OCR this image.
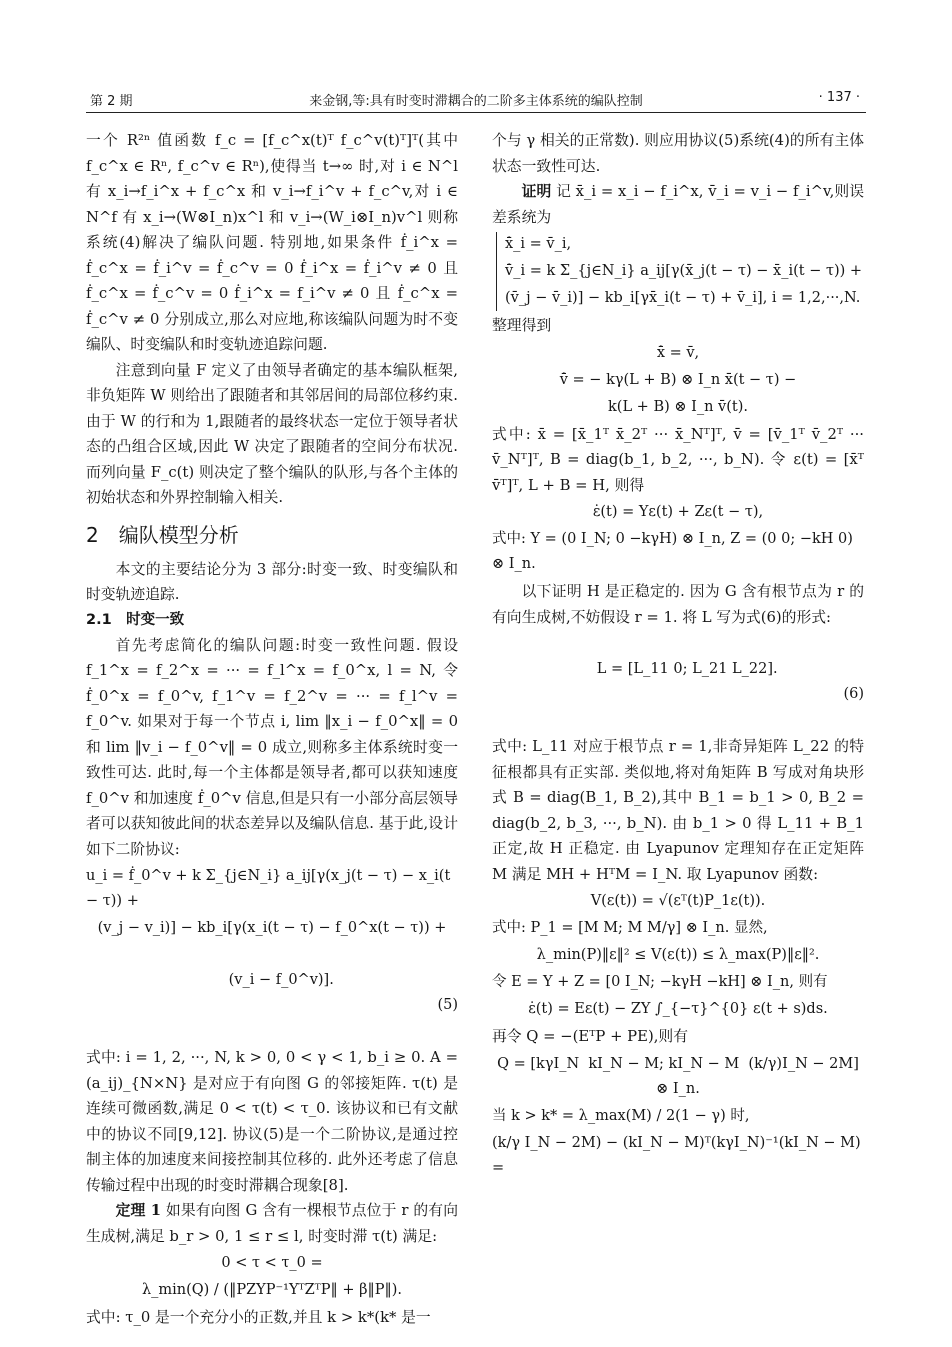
第 2 期	来金钢,等:具有时变时滞耦合的二阶多主体系统的编队控制	· 137 ·

一个 R²ⁿ 值函数 f_c = [f_c^x(t)ᵀ f_c^v(t)ᵀ]ᵀ(其中 f_c^x ∈ Rⁿ, f_c^v ∈ Rⁿ),使得当 t→∞ 时,对 i ∈ N^l 有 x_i→f_i^x + f_c^x 和 v_i→f_i^v + f_c^v,对 i ∈ N^f 有 x_i→(W⊗I_n)x^l 和 v_i→(W_i⊗I_n)v^l 则称系统(4)解决了编队问题. 特别地,如果条件 ḟ_i^x = ḟ_c^x = ḟ_i^v = ḟ_c^v = 0 ḟ_i^x = ḟ_i^v ≠ 0 且 ḟ_c^x = ḟ_c^v = 0 ḟ_i^x = f_i^v ≠ 0 且 ḟ_c^x = ḟ_c^v ≠ 0 分别成立,那么对应地,称该编队问题为时不变编队、时变编队和时变轨迹追踪问题.

注意到向量 F 定义了由领导者确定的基本编队框架,非负矩阵 W 则给出了跟随者和其邻居间的局部位移约束. 由于 W 的行和为 1,跟随者的最终状态一定位于领导者状态的凸组合区域,因此 W 决定了跟随者的空间分布状况. 而列向量 F_c(t) 则决定了整个编队的队形,与各个主体的初始状态和外界控制输入相关.

2　编队模型分析

本文的主要结论分为 3 部分:时变一致、时变编队和时变轨迹追踪.

2.1　时变一致

首先考虑简化的编队问题:时变一致性问题. 假设 f_1^x = f_2^x = ··· = f_l^x = f_0^x, l = N, 令 ḟ_0^x = f_0^v, f_1^v = f_2^v = ··· = f_l^v = f_0^v. 如果对于每一个节点 i, lim ‖x_i − f_0^x‖ = 0 和 lim ‖v_i − f_0^v‖ = 0 成立,则称多主体系统时变一致性可达. 此时,每一个主体都是领导者,都可以获知速度 f_0^v 和加速度 ḟ_0^v 信息,但是只有一小部分高层领导者可以获知彼此间的状态差异以及编队信息. 基于此,设计如下二阶协议:

u_i = ḟ_0^v + k Σ_{j∈N_i} a_ij[γ(x_j(t − τ) − x_i(t − τ)) +
(v_j − v_i)] − kb_i[γ(x_i(t − τ) − f_0^x(t − τ)) +

(v_i − f_0^v)].

(5)

式中: i = 1, 2, ···, N, k > 0, 0 < γ < 1, b_i ≥ 0. A = (a_ij)_{N×N} 是对应于有向图 G 的邻接矩阵. τ(t) 是连续可微函数,满足 0 < τ(t) < τ_0. 该协议和已有文献中的协议不同[9,12]. 协议(5)是一个二阶协议,是通过控制主体的加速度来间接控制其位移的. 此外还考虑了信息传输过程中出现的时变时滞耦合现象[8].

定理 1 如果有向图 G 含有一棵根节点位于 r 的有向生成树,满足 b_r > 0, 1 ≤ r ≤ l, 时变时滞 τ(t) 满足:

0 < τ < τ_0 =
λ_min(Q) / (‖PZYP⁻¹YᵀZᵀP‖ + β‖P‖).

式中: τ_0 是一个充分小的正数,并且 k > k*(k* 是一

个与 γ 相关的正常数). 则应用协议(5)系统(4)的所有主体状态一致性可达.

证明 记 x̄_i = x_i − f_i^x, v̄_i = v_i − f_i^v,则误差系统为

x̄̇_i = v̄_i,
v̄̇_i = k Σ_{j∈N_i} a_ij[γ(x̄_j(t − τ) − x̄_i(t − τ)) +
(v̄_j − v̄_i)] − kb_i[γx̄_i(t − τ) + v̄_i], i = 1,2,···,N.

整理得到

x̄̇ = v̄,
v̄̇ = − kγ(L + B) ⊗ I_n x̄(t − τ) −
k(L + B) ⊗ I_n v̄(t).

式中: x̄ = [x̄_1ᵀ x̄_2ᵀ ··· x̄_Nᵀ]ᵀ, v̄ = [v̄_1ᵀ v̄_2ᵀ ··· v̄_Nᵀ]ᵀ, B = diag(b_1, b_2, ···, b_N). 令 ε(t) = [x̄ᵀ v̄ᵀ]ᵀ, L + B = H, 则得

ε̇(t) = Yε(t) + Zε(t − τ),
式中: Y = (0 I_N; 0 −kγH) ⊗ I_n, Z = (0 0; −kH 0) ⊗ I_n.

以下证明 H 是正稳定的. 因为 G 含有根节点为 r 的有向生成树,不妨假设 r = 1. 将 L 写为式(6)的形式:

L = [L_11 0; L_21 L_22].

(6)

式中: L_11 对应于根节点 r = 1,非奇异矩阵 L_22 的特征根都具有正实部. 类似地,将对角矩阵 B 写成对角块形式 B = diag(B_1, B_2),其中 B_1 = b_1 > 0, B_2 = diag(b_2, b_3, ···, b_N). 由 b_1 > 0 得 L_11 + B_1 正定,故 H 正稳定. 由 Lyapunov 定理知存在正定矩阵 M 满足 MH + HᵀM = I_N. 取 Lyapunov 函数:

V(ε(t)) = √(εᵀ(t)P_1ε(t)).
式中: P_1 = [M M; M M/γ] ⊗ I_n. 显然,
λ_min(P)‖ε‖² ≤ V(ε(t)) ≤ λ_max(P)‖ε‖².
令 E = Y + Z = [0 I_N; −kγH −kH] ⊗ I_n, 则有
ε̇(t) = Eε(t) − ZY ∫_{−τ}^{0} ε(t + s)ds.

再令 Q = −(EᵀP + PE),则有

Q = [kγI_N  kI_N − M; kI_N − M  (k/γ)I_N − 2M] ⊗ I_n.
当 k > k* = λ_max(M) / 2(1 − γ) 时,
(k/γ I_N − 2M) − (kI_N − M)ᵀ(kγI_N)⁻¹(kI_N − M) =
